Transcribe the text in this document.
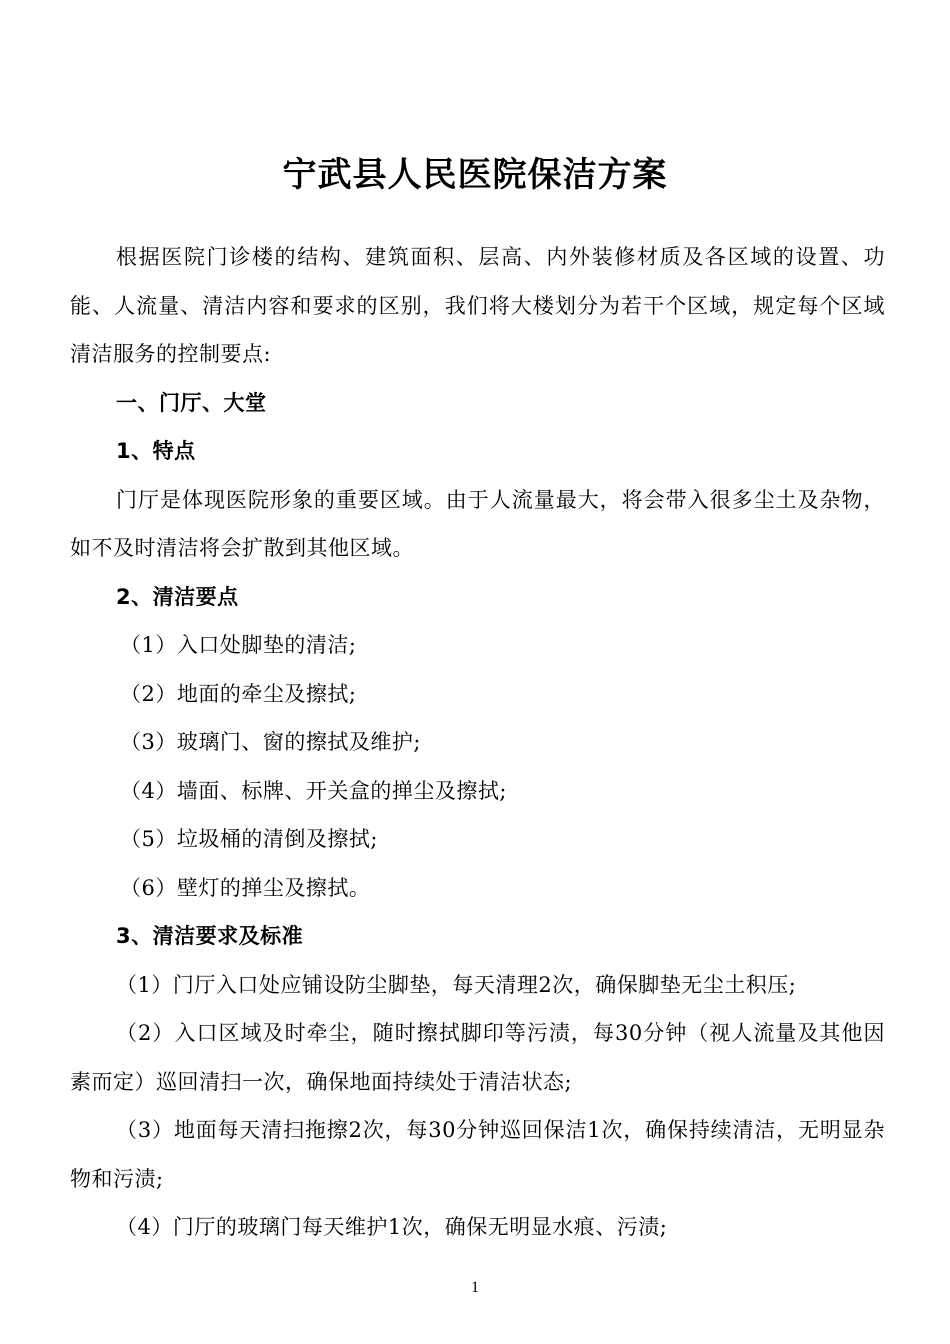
宁武县人民医院保洁方案

根据医院门诊楼的结构、建筑面积、层高、内外装修材质及各区域的设置、功能、人流量、清洁内容和要求的区别，我们将大楼划分为若干个区域，规定每个区域清洁服务的控制要点:

一、门厅、大堂

1、特点

门厅是体现医院形象的重要区域。由于人流量最大，将会带入很多尘土及杂物，如不及时清洁将会扩散到其他区域。

2、清洁要点

（1）入口处脚垫的清洁;

（2）地面的牵尘及擦拭;

（3）玻璃门、窗的擦拭及维护;

（4）墙面、标牌、开关盒的掸尘及擦拭;

（5）垃圾桶的清倒及擦拭;

（6）壁灯的掸尘及擦拭。

3、清洁要求及标准

（1）门厅入口处应铺设防尘脚垫，每天清理2次，确保脚垫无尘土积压;

（2）入口区域及时牵尘，随时擦拭脚印等污渍，每30分钟（视人流量及其他因素而定）巡回清扫一次，确保地面持续处于清洁状态;

（3）地面每天清扫拖擦2次，每30分钟巡回保洁1次，确保持续清洁，无明显杂物和污渍;

（4）门厅的玻璃门每天维护1次，确保无明显水痕、污渍;

1
